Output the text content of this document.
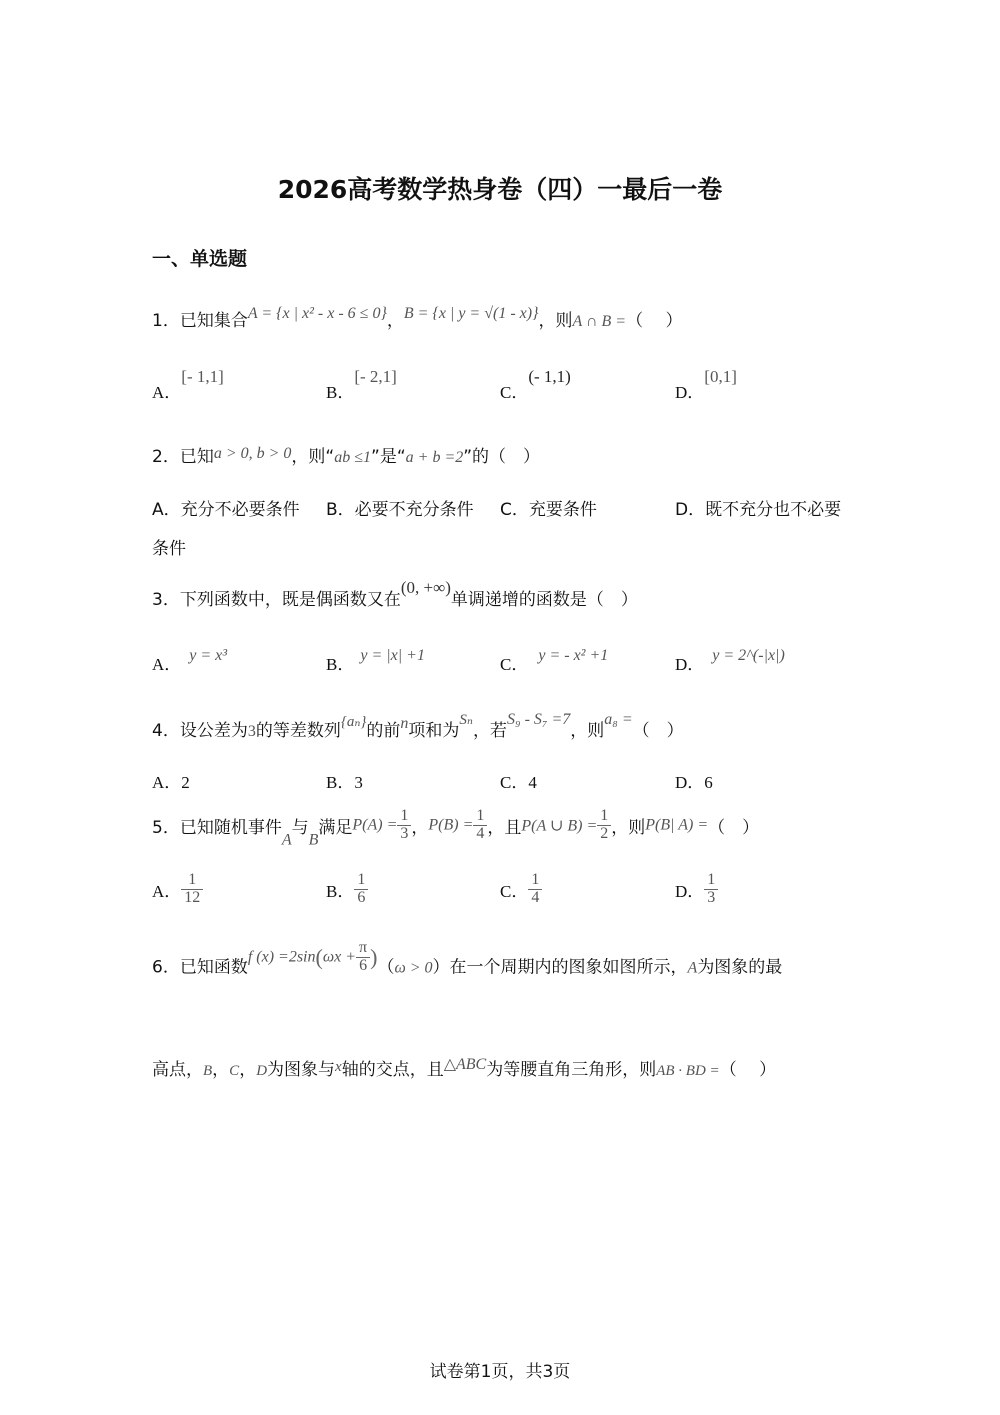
2026高考数学热身卷（四）一最后一卷
一、单选题
1．已知集合A = {x | x² - x - 6 ≤ 0}，B = {x | y = √(1 - x)}，则A ∩ B =（　 ）
A．[- 1,1]
B．[- 2,1]
C．(- 1,1)
D．[0,1]
2．已知a > 0, b > 0，则“ab ≤1”是“a + b =2”的（　）
A．充分不必要条件 B．必要不充分条件 C．充要条件	D．既不充分也不必要
条件
3．下列函数中，既是偶函数又在(0, +∞)单调递增的函数是（　）
A． y = x³	B． y = |x| +1	C． y = - x² +1	D． y = 2^(-|x|)
4．设公差为3的等差数列{aₙ}的前n项和为Sₙ，若S₉ - S₇ =7，则a₈ =（　）
A．2	B．3	C．4	D．6
5．已知随机事件A与B满足$P(A) = \frac{1}{3}$ ，$P(B) = \frac{1}{4}$ ，且P(A ∪ $B) = \frac{1}{2}$ ，则P(B| A) =（　）
A． $\frac{1}{12}$	B． $\frac{1}{6}$	C． $\frac{1}{4}$	D． $\frac{1}{3}$
6．已知函数f $(x) =2\sin(\omega x + \frac{\pi}{6} )(\omega > 0)$在一个周期内的图象如图所示，A为图象的最
高点，B，C，D为图象与x轴的交点，且△ABC为等腰直角三角形，则AB · BD =（　 ）
试卷第1页，共3页
